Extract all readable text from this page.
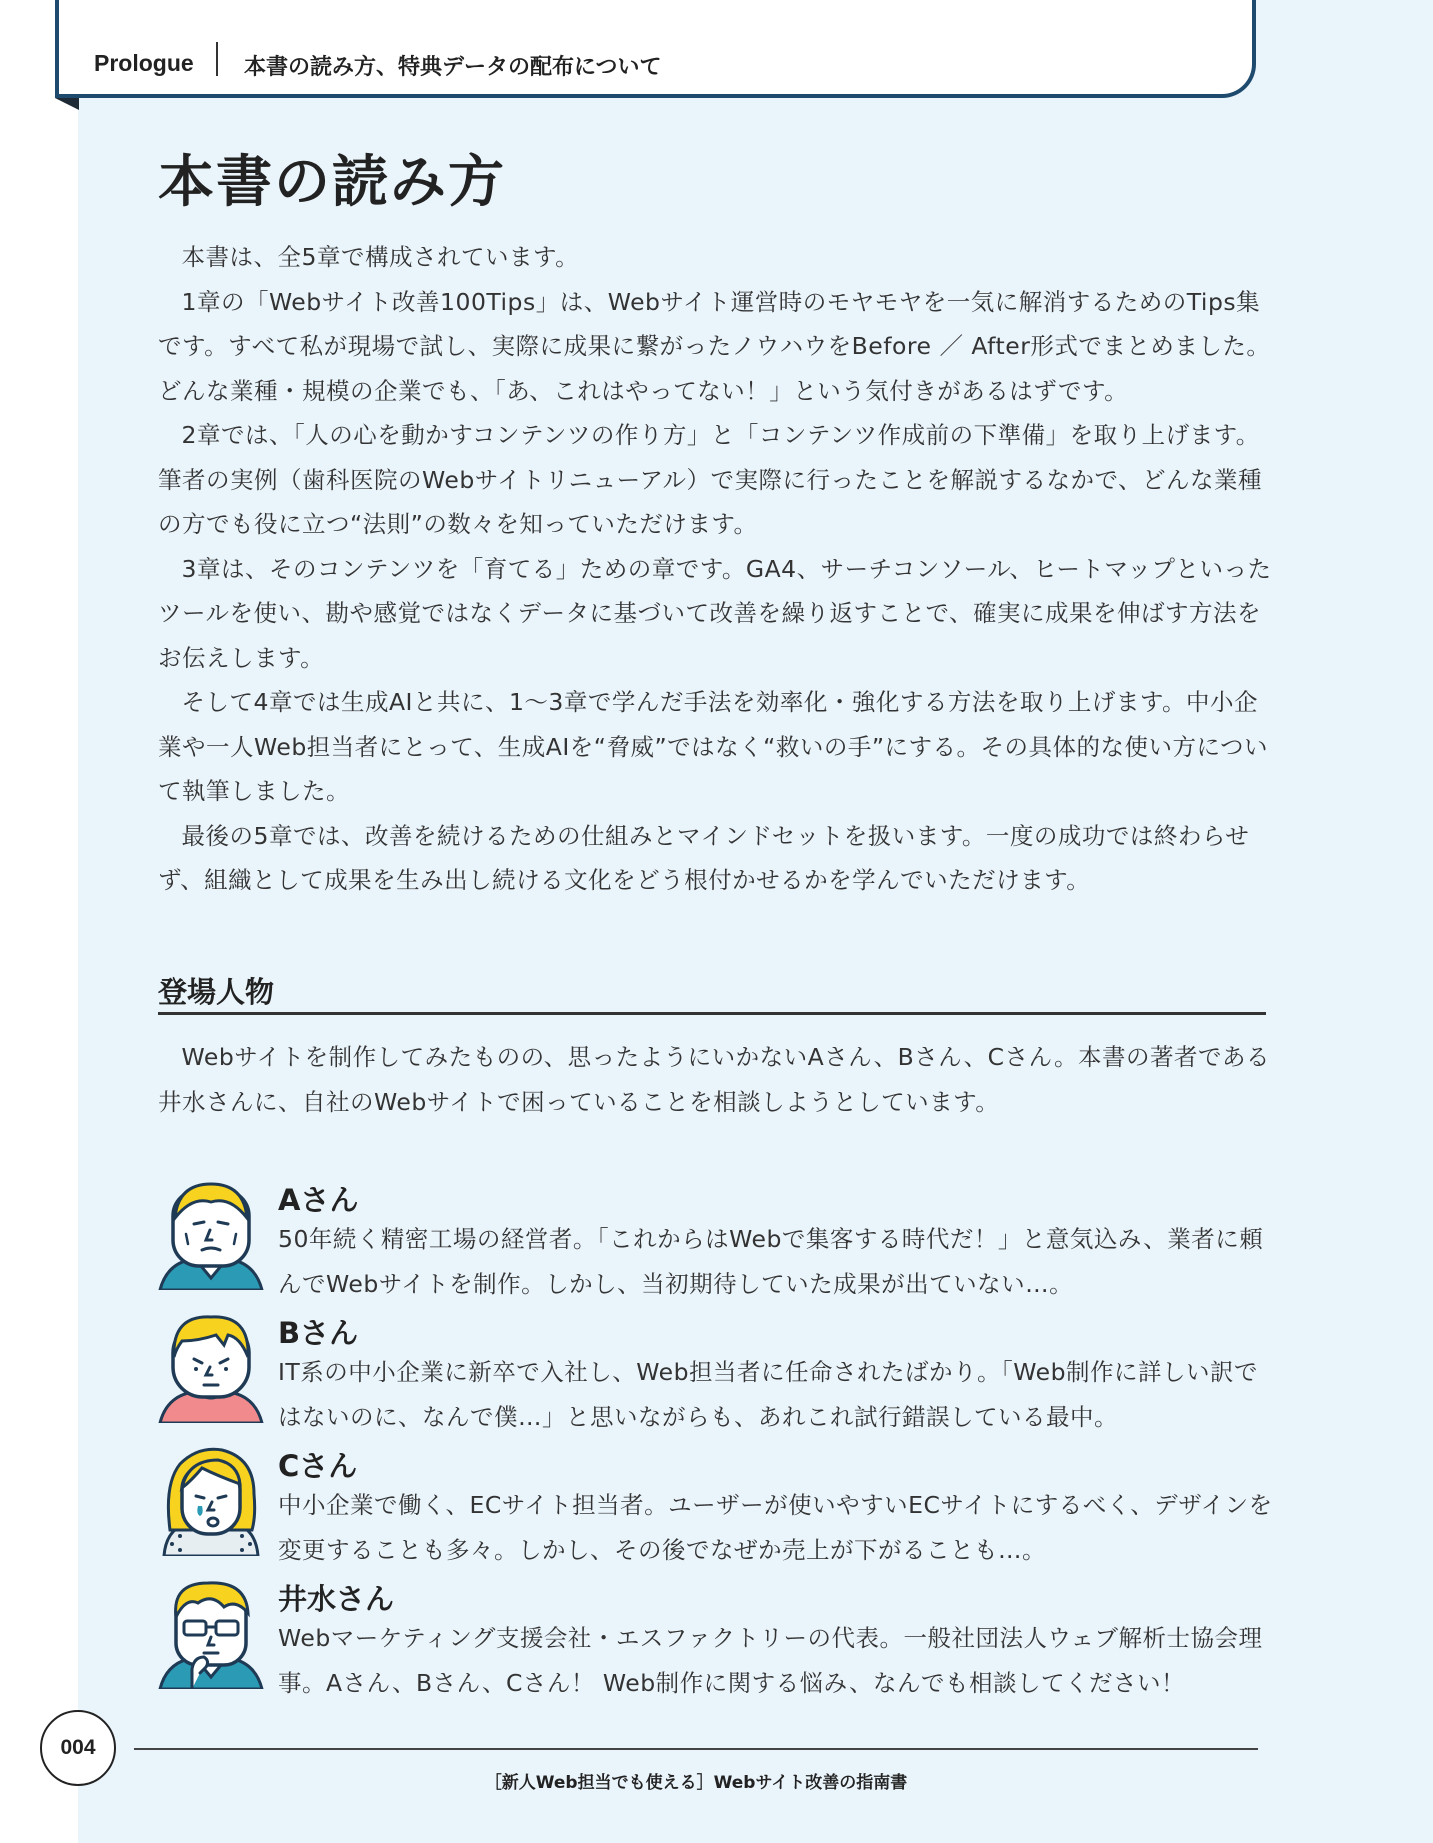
Prologue 本書の読み方、特典データの配布について
本書の読み方

本書は、全5章で構成されています。

1章の「Webサイト改善100Tips」は、Webサイト運営時のモヤモヤを一気に解消するためのTips集です。すべて私が現場で試し、実際に成果に繋がったノウハウをBefore ／ After形式でまとめました。どんな業種・規模の企業でも、「あ、これはやってない！」という気付きがあるはずです。

2章では、「人の心を動かすコンテンツの作り方」と「コンテンツ作成前の下準備」を取り上げます。筆者の実例（歯科医院のWebサイトリニューアル）で実際に行ったことを解説するなかで、どんな業種の方でも役に立つ“法則”の数々を知っていただけます。

3章は、そのコンテンツを「育てる」ための章です。GA4、サーチコンソール、ヒートマップといったツールを使い、勘や感覚ではなくデータに基づいて改善を繰り返すことで、確実に成果を伸ばす方法をお伝えします。

そして4章では生成AIと共に、1～3章で学んだ手法を効率化・強化する方法を取り上げます。中小企業や一人Web担当者にとって、生成AIを“脅威”ではなく“救いの手”にする。その具体的な使い方について執筆しました。

最後の5章では、改善を続けるための仕組みとマインドセットを扱います。一度の成功では終わらせず、組織として成果を生み出し続ける文化をどう根付かせるかを学んでいただけます。

登場人物
Webサイトを制作してみたものの、思ったようにいかないAさん、Bさん、Cさん。本書の著者である井水さんに、自社のWebサイトで困っていることを相談しようとしています。
Aさん
50年続く精密工場の経営者。「これからはWebで集客する時代だ！」と意気込み、業者に頼んでWebサイトを制作。しかし、当初期待していた成果が出ていない…。
Bさん
IT系の中小企業に新卒で入社し、Web担当者に任命されたばかり。「Web制作に詳しい訳ではないのに、なんで僕…」と思いながらも、あれこれ試行錯誤している最中。
Cさん
中小企業で働く、ECサイト担当者。ユーザーが使いやすいECサイトにするべく、デザインを変更することも多々。しかし、その後でなぜか売上が下がることも…。
井水さん
Webマーケティング支援会社・エスファクトリーの代表。一般社団法人ウェブ解析士協会理事。Aさん、Bさん、Cさん！ Web制作に関する悩み、なんでも相談してください！
004
［新人Web担当でも使える］Webサイト改善の指南書
